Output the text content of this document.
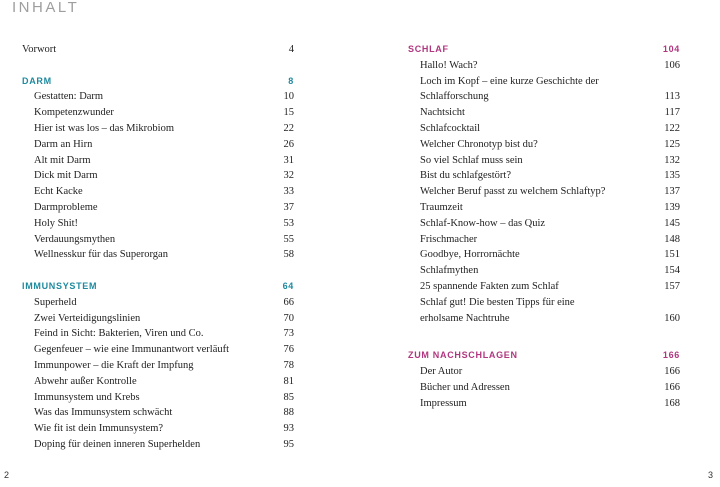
INHALT
Vorwort	4
DARM	8
Gestatten: Darm	10
Kompetenzwunder	15
Hier ist was los – das Mikrobiom	22
Darm an Hirn	26
Alt mit Darm	31
Dick mit Darm	32
Echt Kacke	33
Darmprobleme	37
Holy Shit!	53
Verdauungsmythen	55
Wellnesskur für das Superorgan	58
IMMUNSYSTEM	64
Superheld	66
Zwei Verteidigungslinien	70
Feind in Sicht: Bakterien, Viren und Co.	73
Gegenfeuer – wie eine Immunantwort verläuft	76
Immunpower – die Kraft der Impfung	78
Abwehr außer Kontrolle	81
Immunsystem und Krebs	85
Was das Immunsystem schwächt	88
Wie fit ist dein Immunsystem?	93
Doping für deinen inneren Superhelden	95
SCHLAF	104
Hallo! Wach?	106
Loch im Kopf – eine kurze Geschichte der Schlafforschung	113
Nachtsicht	117
Schlafcocktail	122
Welcher Chronotyp bist du?	125
So viel Schlaf muss sein	132
Bist du schlafgestört?	135
Welcher Beruf passt zu welchem Schlaftyp?	137
Traumzeit	139
Schlaf-Know-how – das Quiz	145
Frischmacher	148
Goodbye, Horrornächte	151
Schlafmythen	154
25 spannende Fakten zum Schlaf	157
Schlaf gut! Die besten Tipps für eine erholsame Nachtruhe	160
ZUM NACHSCHLAGEN	166
Der Autor	166
Bücher und Adressen	166
Impressum	168
2	3
